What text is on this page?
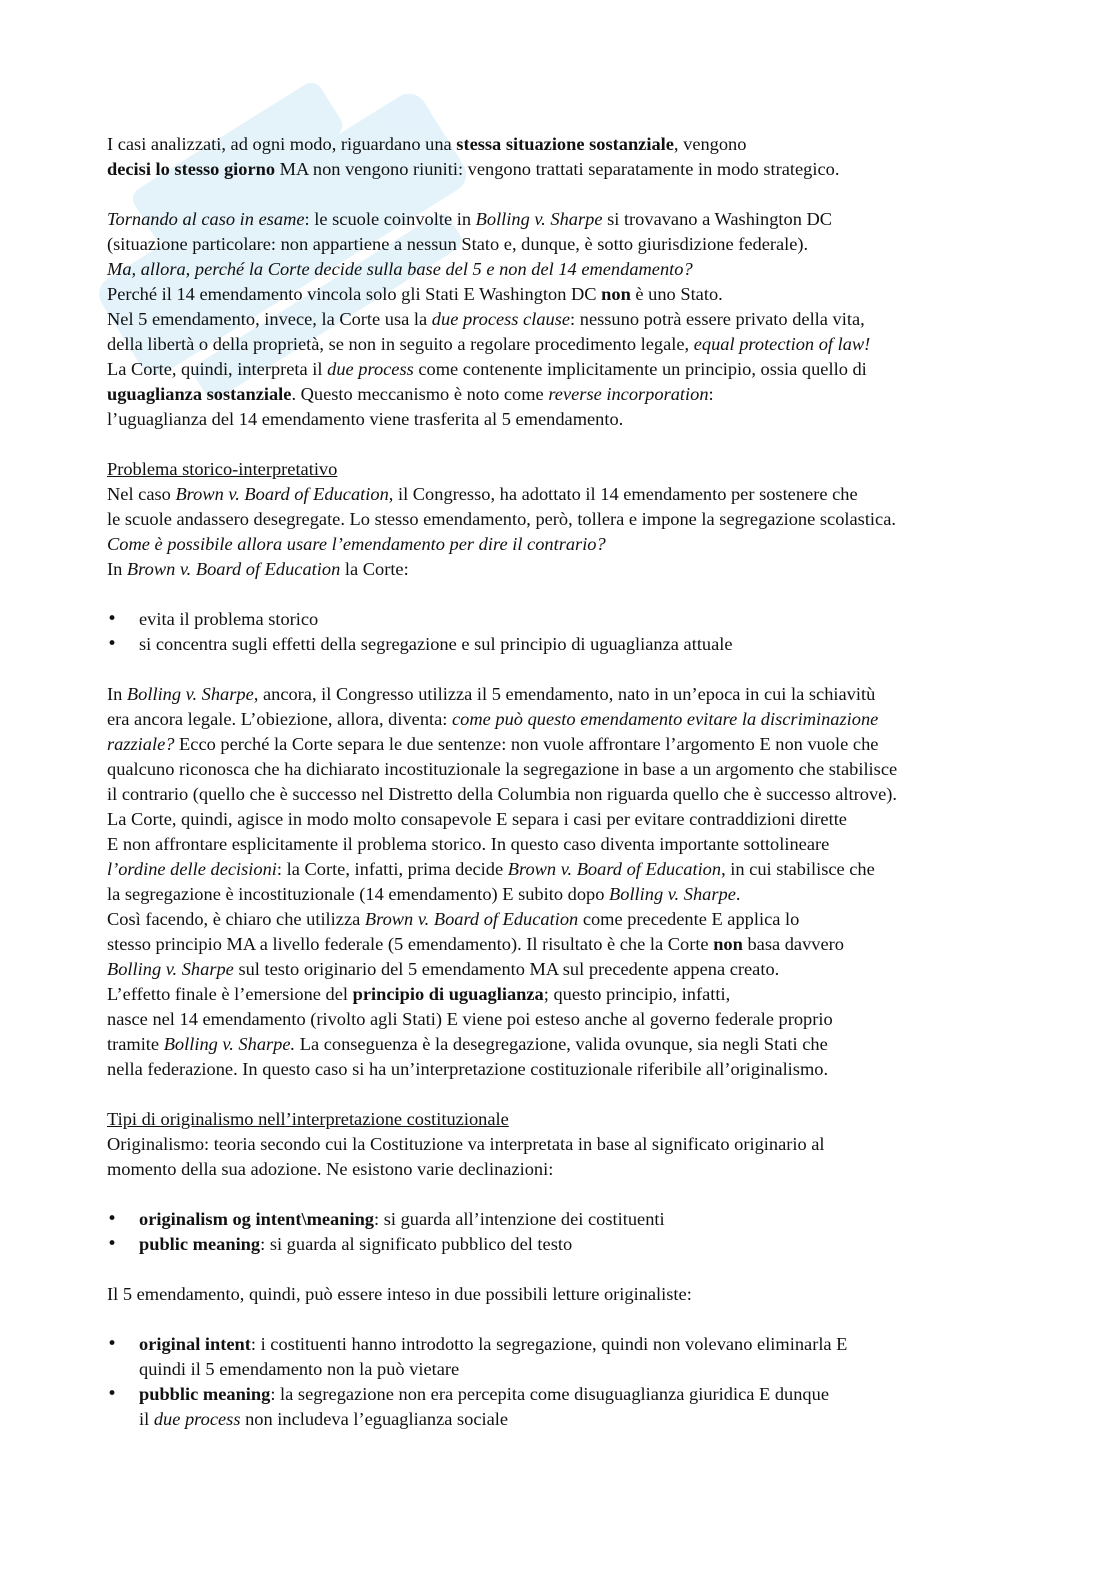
I casi analizzati, ad ogni modo, riguardano una stessa situazione sostanziale, vengono

decisi lo stesso giorno MA non vengono riuniti: vengono trattati separatamente in modo strategico.

Tornando al caso in esame: le scuole coinvolte in Bolling v. Sharpe si trovavano a Washington DC

(situazione particolare: non appartiene a nessun Stato e, dunque, è sotto giurisdizione federale).

Ma, allora, perché la Corte decide sulla base del 5 e non del 14 emendamento?

Perché il 14 emendamento vincola solo gli Stati E Washington DC non è uno Stato.

Nel 5 emendamento, invece, la Corte usa la due process clause: nessuno potrà essere privato della vita,

della libertà o della proprietà, se non in seguito a regolare procedimento legale, equal protection of law!

La Corte, quindi, interpreta il due process come contenente implicitamente un principio, ossia quello di

uguaglianza sostanziale. Questo meccanismo è noto come reverse incorporation:

l’uguaglianza del 14 emendamento viene trasferita al 5 emendamento.

Problema storico-interpretativo

Nel caso Brown v. Board of Education, il Congresso, ha adottato il 14 emendamento per sostenere che

le scuole andassero desegregate. Lo stesso emendamento, però, tollera e impone la segregazione scolastica.

Come è possibile allora usare l’emendamento per dire il contrario?

In Brown v. Board of Education la Corte:

• evita il problema storico
• si concentra sugli effetti della segregazione e sul principio di uguaglianza attuale

In Bolling v. Sharpe, ancora, il Congresso utilizza il 5 emendamento, nato in un’epoca in cui la schiavitù

era ancora legale. L’obiezione, allora, diventa: come può questo emendamento evitare la discriminazione

razziale? Ecco perché la Corte separa le due sentenze: non vuole affrontare l’argomento E non vuole che

qualcuno riconosca che ha dichiarato incostituzionale la segregazione in base a un argomento che stabilisce

il contrario (quello che è successo nel Distretto della Columbia non riguarda quello che è successo altrove).

La Corte, quindi, agisce in modo molto consapevole E separa i casi per evitare contraddizioni dirette

E non affrontare esplicitamente il problema storico. In questo caso diventa importante sottolineare

l’ordine delle decisioni: la Corte, infatti, prima decide Brown v. Board of Education, in cui stabilisce che

la segregazione è incostituzionale (14 emendamento) E subito dopo Bolling v. Sharpe.

Così facendo, è chiaro che utilizza Brown v. Board of Education come precedente E applica lo

stesso principio MA a livello federale (5 emendamento). Il risultato è che la Corte non basa davvero

Bolling v. Sharpe sul testo originario del 5 emendamento MA sul precedente appena creato.

L’effetto finale è l’emersione del principio di uguaglianza; questo principio, infatti,

nasce nel 14 emendamento (rivolto agli Stati) E viene poi esteso anche al governo federale proprio

tramite Bolling v. Sharpe. La conseguenza è la desegregazione, valida ovunque, sia negli Stati che

nella federazione. In questo caso si ha un’interpretazione costituzionale riferibile all’originalismo.

Tipi di originalismo nell’interpretazione costituzionale

Originalismo: teoria secondo cui la Costituzione va interpretata in base al significato originario al

momento della sua adozione. Ne esistono varie declinazioni:

• originalism og intent\meaning: si guarda all’intenzione dei costituenti
• public meaning: si guarda al significato pubblico del testo

Il 5 emendamento, quindi, può essere inteso in due possibili letture originaliste:

• original intent: i costituenti hanno introdotto la segregazione, quindi non volevano eliminarla E
quindi il 5 emendamento non la può vietare
• pubblic meaning: la segregazione non era percepita come disuguaglianza giuridica E dunque
il due process non includeva l’eguaglianza sociale
